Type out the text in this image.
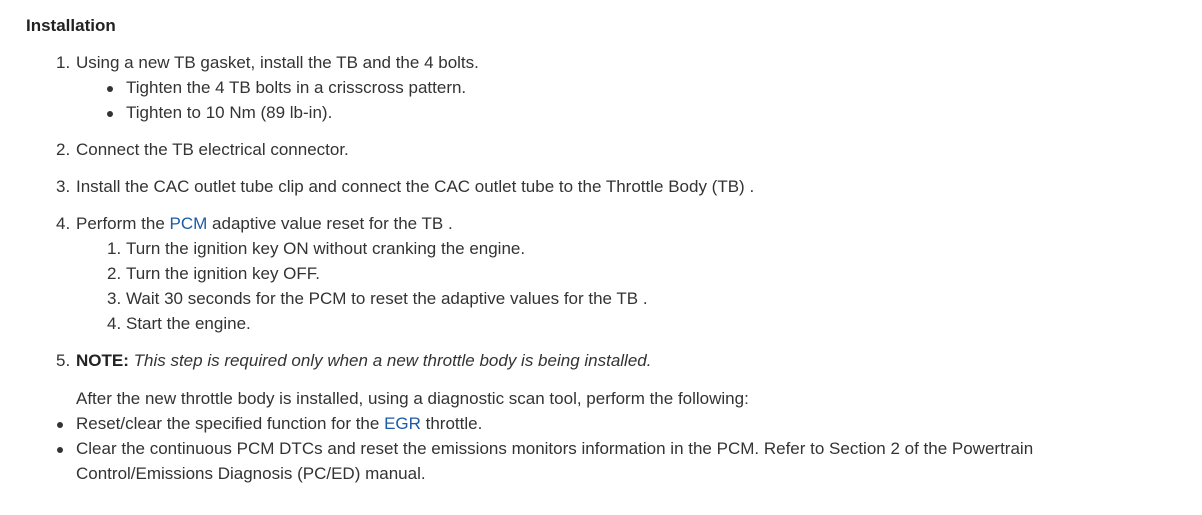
Installation
1. Using a new TB gasket, install the TB and the 4 bolts.
Tighten the 4 TB bolts in a crisscross pattern.
Tighten to 10 Nm (89 lb-in).
2. Connect the TB electrical connector.
3. Install the CAC outlet tube clip and connect the CAC outlet tube to the Throttle Body (TB) .
4. Perform the PCM adaptive value reset for the TB .
1. Turn the ignition key ON without cranking the engine.
2. Turn the ignition key OFF.
3. Wait 30 seconds for the PCM to reset the adaptive values for the TB .
4. Start the engine.
5. NOTE: This step is required only when a new throttle body is being installed.
After the new throttle body is installed, using a diagnostic scan tool, perform the following:
Reset/clear the specified function for the EGR throttle.
Clear the continuous PCM DTCs and reset the emissions monitors information in the PCM. Refer to Section 2 of the Powertrain
Control/Emissions Diagnosis (PC/ED) manual.
